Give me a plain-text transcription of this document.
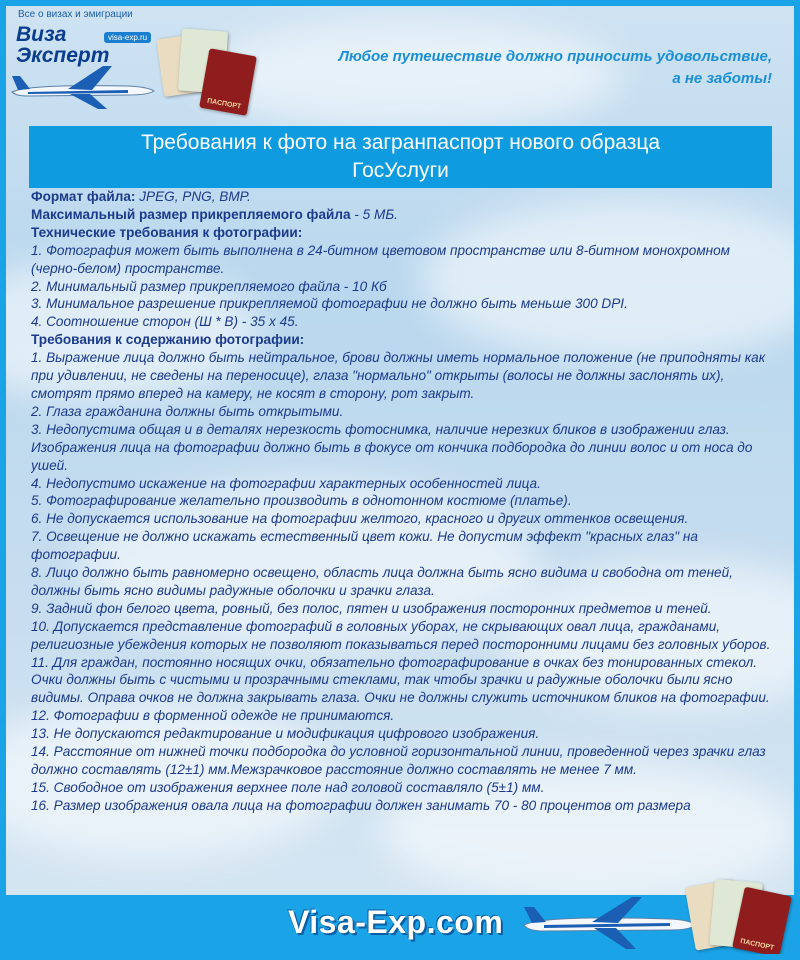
Все о визах и эмиграции
Виза
Эксперт
visa-exp.ru
ПАСПОРТ
Любое путешествие должно приносить удовольствие,
а не заботы!
Требования к фото на загранпаспорт нового образца
ГосУслуги

Формат файла: JPEG, PNG, BMP.

Максимальный размер прикрепляемого файла - 5 МБ.

Технические требования к фотографии:

1. Фотография может быть выполнена в 24-битном цветовом пространстве или 8-битном монохромном (черно-белом) пространстве.

2. Минимальный размер прикрепляемого файла - 10 Кб

3. Минимальное разрешение прикрепляемой фотографии не должно быть меньше 300 DPI.

4. Соотношение сторон (Ш * В) - 35 х 45.

Требования к содержанию фотографии:

1. Выражение лица должно быть нейтральное, брови должны иметь нормальное положение (не приподняты как при удивлении, не сведены на переносице), глаза "нормально" открыты (волосы не должны заслонять их), смотрят прямо вперед на камеру, не косят в сторону, рот закрыт.

2. Глаза гражданина должны быть открытыми.

3. Недопустима общая и в деталях нерезкость фотоснимка, наличие нерезких бликов в изображении глаз. Изображения лица на фотографии должно быть в фокусе от кончика подбородка до линии волос и от носа до ушей.

4. Недопустимо искажение на фотографии характерных особенностей лица.

5. Фотографирование желательно производить в однотонном костюме (платье).

6. Не допускается использование на фотографии желтого, красного и других оттенков освещения.

7. Освещение не должно искажать естественный цвет кожи. Не допустим эффект "красных глаз" на фотографии.

8. Лицо должно быть равномерно освещено, область лица должна быть ясно видима и свободна от теней, должны быть ясно видимы радужные оболочки и зрачки глаза.

9. Задний фон белого цвета, ровный, без полос, пятен и изображения посторонних предметов и теней.

10. Допускается представление фотографий в головных уборах, не скрывающих овал лица, гражданами, религиозные убеждения которых не позволяют показываться перед посторонними лицами без головных уборов.

11. Для граждан, постоянно носящих очки, обязательно фотографирование в очках без тонированных стекол. Очки должны быть с чистыми и прозрачными стеклами, так чтобы зрачки и радужные оболочки были ясно видимы. Оправа очков не должна закрывать глаза. Очки не должны служить источником бликов на фотографии.

12. Фотографии в форменной одежде не принимаются.

13. Не допускаются редактирование и модификация цифрового изображения.

14. Расстояние от нижней точки подбородка до условной горизонтальной линии, проведенной через зрачки глаз должно составлять (12±1) мм.Межзрачковое расстояние должно составлять не менее 7 мм.

15. Свободное от изображения верхнее поле над головой составляло (5±1) мм.

16. Размер изображения овала лица на фотографии должен занимать 70 - 80 процентов от размера

Visa-Exp.com
ПАСПОРТ
